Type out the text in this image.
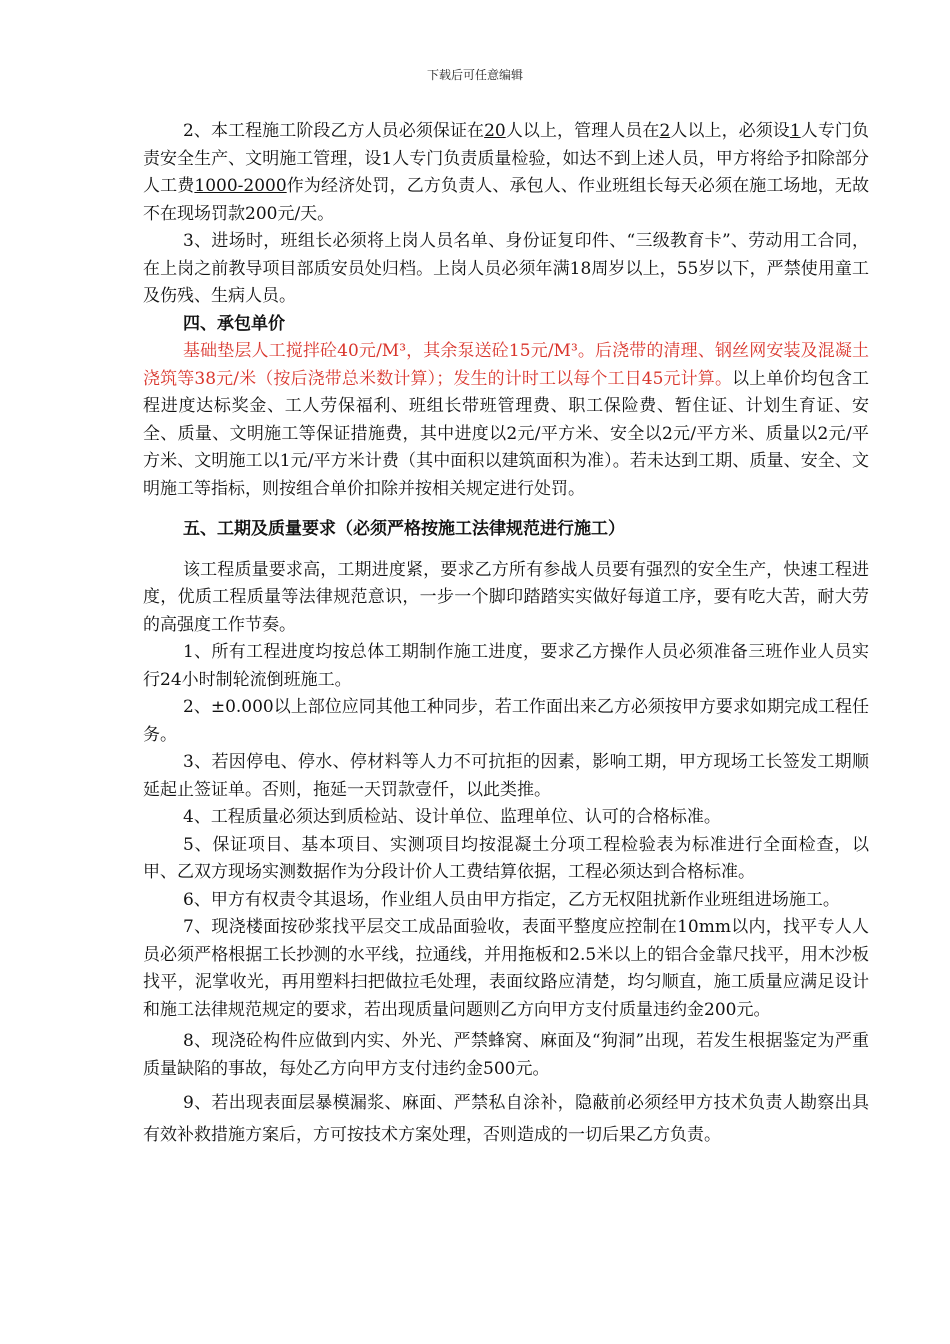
下载后可任意编辑

2、本工程施工阶段乙方人员必须保证在20人以上，管理人员在2人以上，必须设1人专门负责安全生产、文明施工管理，设1人专门负责质量检验，如达不到上述人员，甲方将给予扣除部分人工费1000-2000作为经济处罚，乙方负责人、承包人、作业班组长每天必须在施工场地，无故不在现场罚款200元/天。

3、进场时，班组长必须将上岗人员名单、身份证复印件、“三级教育卡”、劳动用工合同，在上岗之前教导项目部质安员处归档。上岗人员必须年满18周岁以上，55岁以下，严禁使用童工及伤残、生病人员。

四、承包单价

基础垫层人工搅拌砼40元/M³，其余泵送砼15元/M³。后浇带的清理、钢丝网安装及混凝土浇筑等38元/米（按后浇带总米数计算）；发生的计时工以每个工日45元计算。以上单价均包含工程进度达标奖金、工人劳保福利、班组长带班管理费、职工保险费、暂住证、计划生育证、安全、质量、文明施工等保证措施费，其中进度以2元/平方米、安全以2元/平方米、质量以2元/平方米、文明施工以1元/平方米计费（其中面积以建筑面积为准）。若未达到工期、质量、安全、文明施工等指标，则按组合单价扣除并按相关规定进行处罚。

五、工期及质量要求（必须严格按施工法律规范进行施工）

该工程质量要求高，工期进度紧，要求乙方所有参战人员要有强烈的安全生产，快速工程进度，优质工程质量等法律规范意识，一步一个脚印踏踏实实做好每道工序，要有吃大苦，耐大劳的高强度工作节奏。

1、所有工程进度均按总体工期制作施工进度，要求乙方操作人员必须准备三班作业人员实行24小时制轮流倒班施工。

2、±0.000以上部位应同其他工种同步，若工作面出来乙方必须按甲方要求如期完成工程任务。

3、若因停电、停水、停材料等人力不可抗拒的因素，影响工期，甲方现场工长签发工期顺延起止签证单。否则，拖延一天罚款壹仟，以此类推。

4、工程质量必须达到质检站、设计单位、监理单位、认可的合格标准。

5、保证项目、基本项目、实测项目均按混凝土分项工程检验表为标准进行全面检查，以甲、乙双方现场实测数据作为分段计价人工费结算依据，工程必须达到合格标准。

6、甲方有权责令其退场，作业组人员由甲方指定，乙方无权阻扰新作业班组进场施工。

7、现浇楼面按砂浆找平层交工成品面验收，表面平整度应控制在10mm以内，找平专人人员必须严格根据工长抄测的水平线，拉通线，并用拖板和2.5米以上的铝合金靠尺找平，用木沙板找平，泥掌收光，再用塑料扫把做拉毛处理，表面纹路应清楚，均匀顺直，施工质量应满足设计和施工法律规范规定的要求，若出现质量问题则乙方向甲方支付质量违约金200元。

8、现浇砼构件应做到内实、外光、严禁蜂窝、麻面及“狗洞”出现，若发生根据鉴定为严重质量缺陷的事故，每处乙方向甲方支付违约金500元。

9、若出现表面层暴模漏浆、麻面、严禁私自涂补，隐蔽前必须经甲方技术负责人勘察出具有效补救措施方案后，方可按技术方案处理，否则造成的一切后果乙方负责。
